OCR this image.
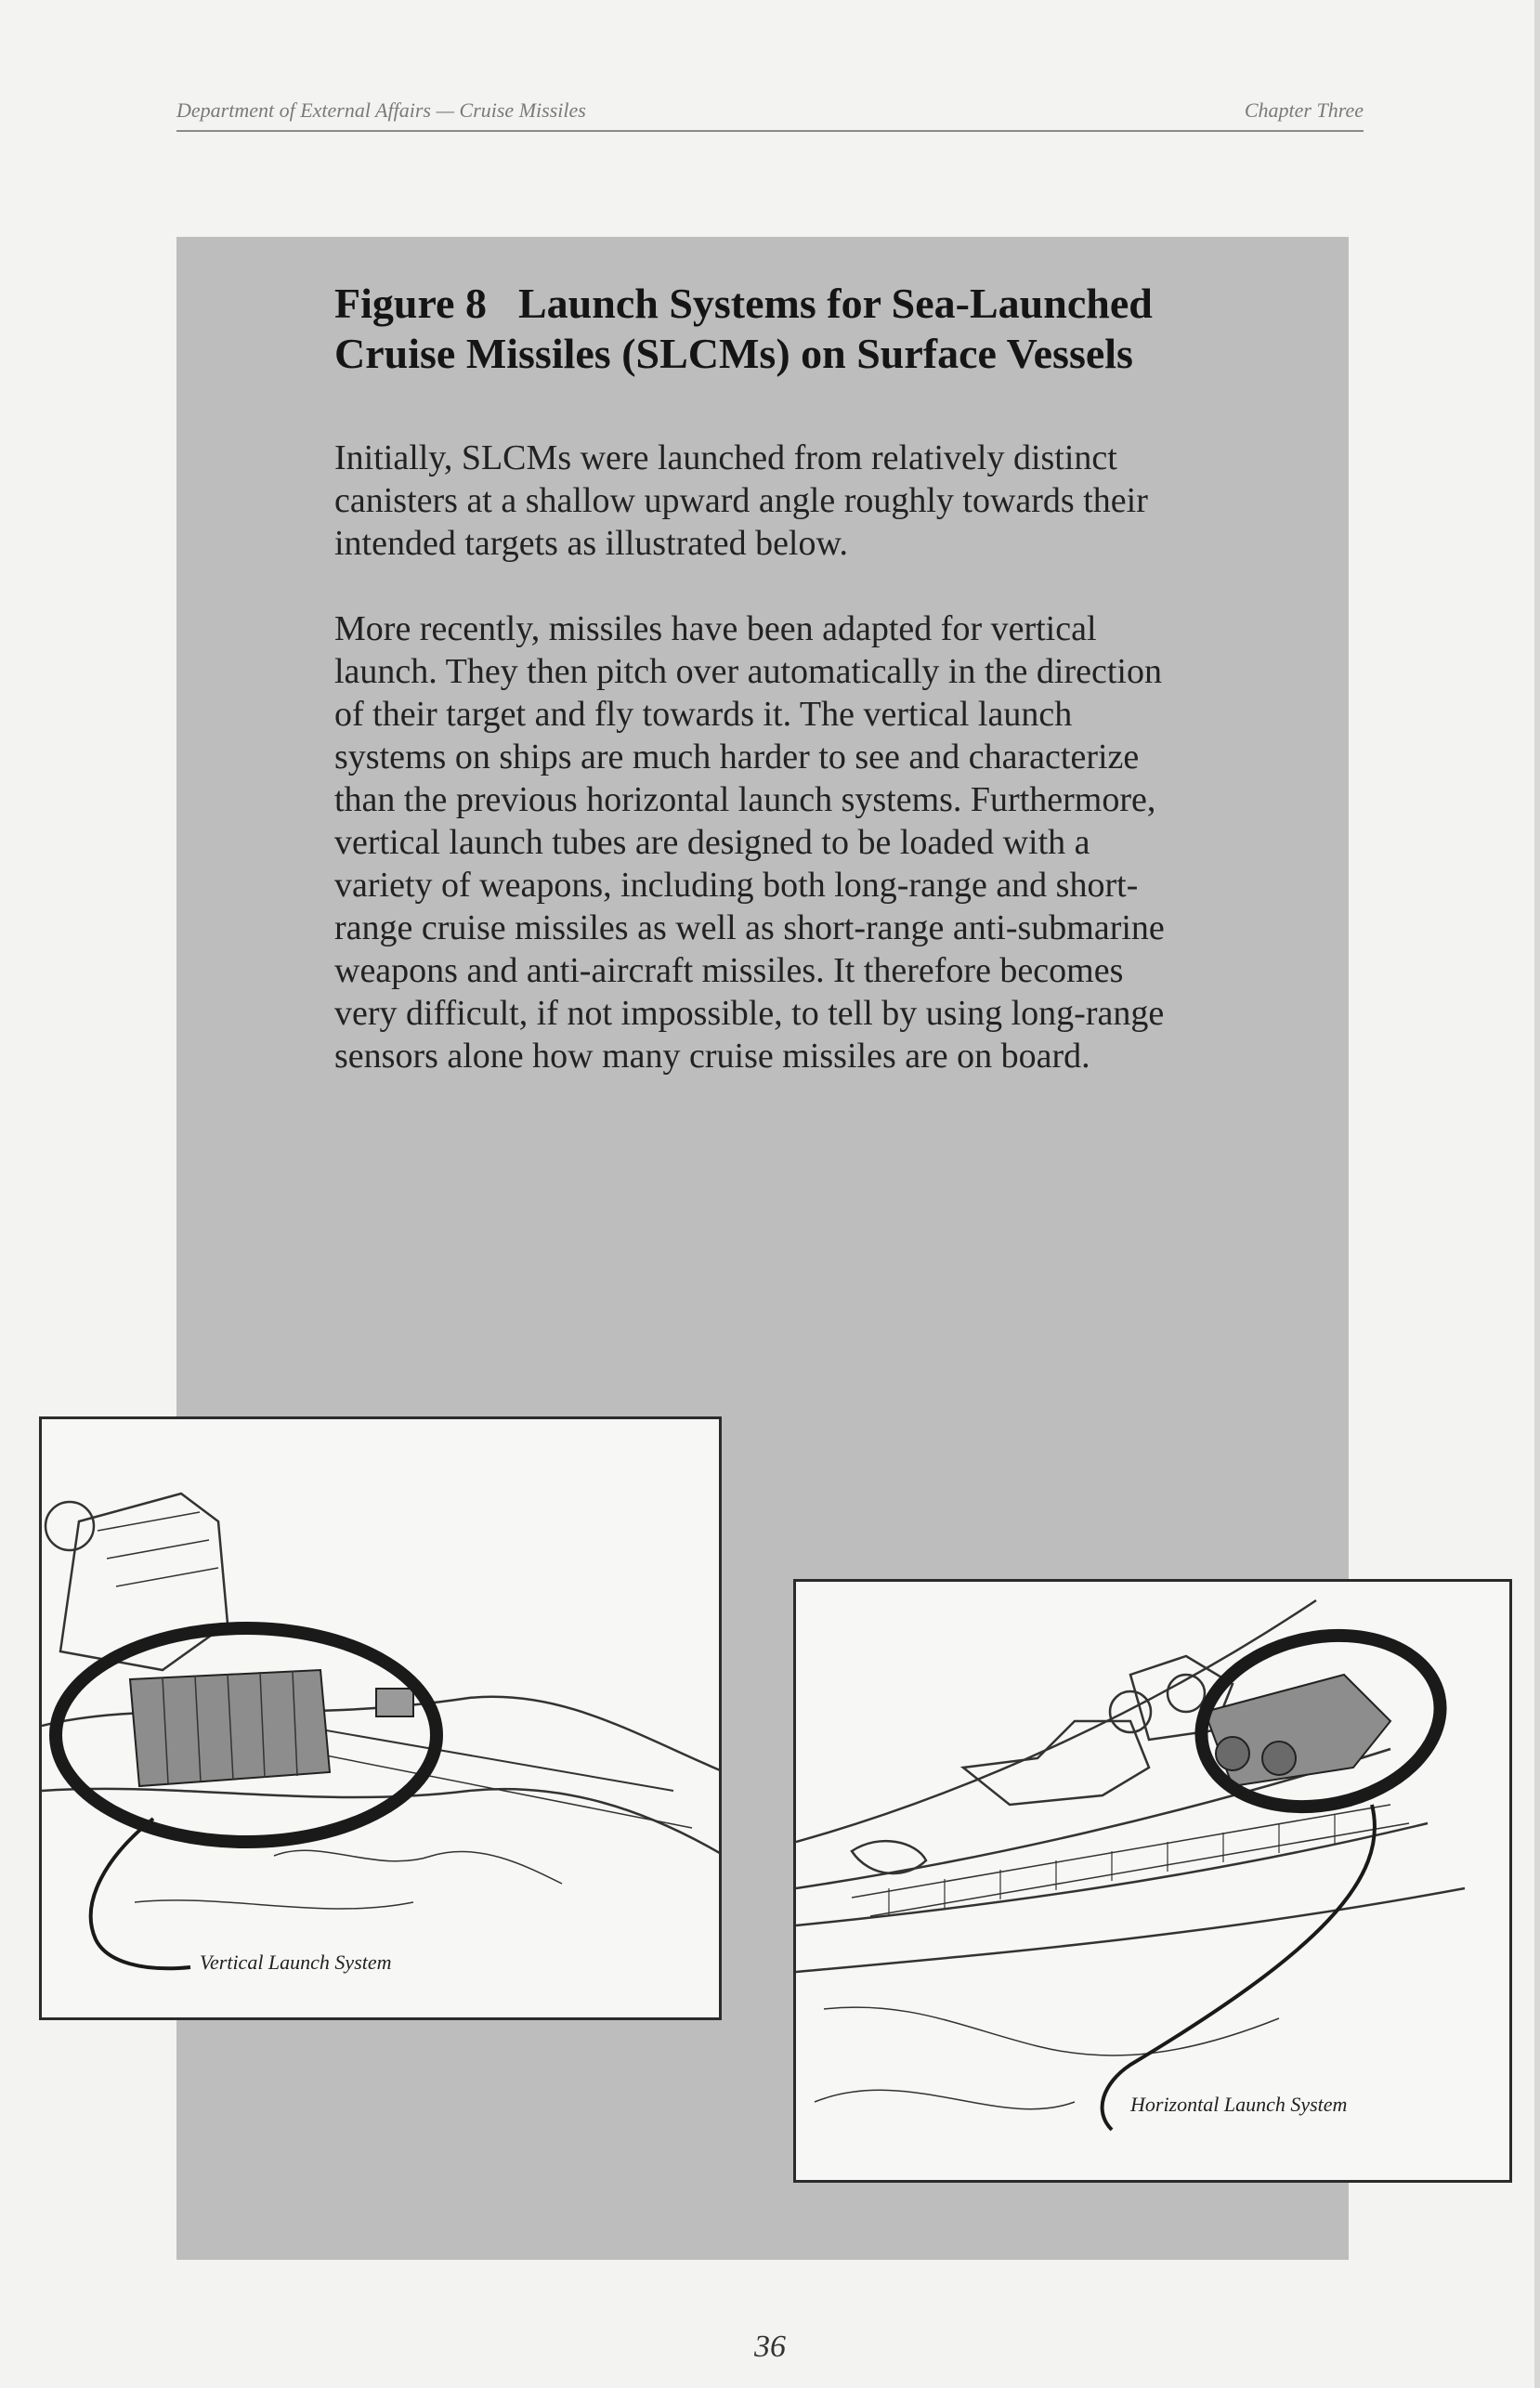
Department of External Affairs — Cruise Missiles	Chapter Three
Figure 8 Launch Systems for Sea-Launched Cruise Missiles (SLCMs) on Surface Vessels

Initially, SLCMs were launched from relatively distinct canisters at a shallow upward angle roughly towards their intended targets as illustrated below.

More recently, missiles have been adapted for vertical launch. They then pitch over automatically in the direction of their target and fly towards it. The vertical launch systems on ships are much harder to see and characterize than the previous horizontal launch systems. Furthermore, vertical launch tubes are designed to be loaded with a variety of weapons, including both long-range and short-range cruise missiles as well as short-range anti-submarine weapons and anti-aircraft missiles. It therefore becomes very difficult, if not impossible, to tell by using long-range sensors alone how many cruise missiles are on board.

Vertical Launch System
Horizontal Launch System
36
